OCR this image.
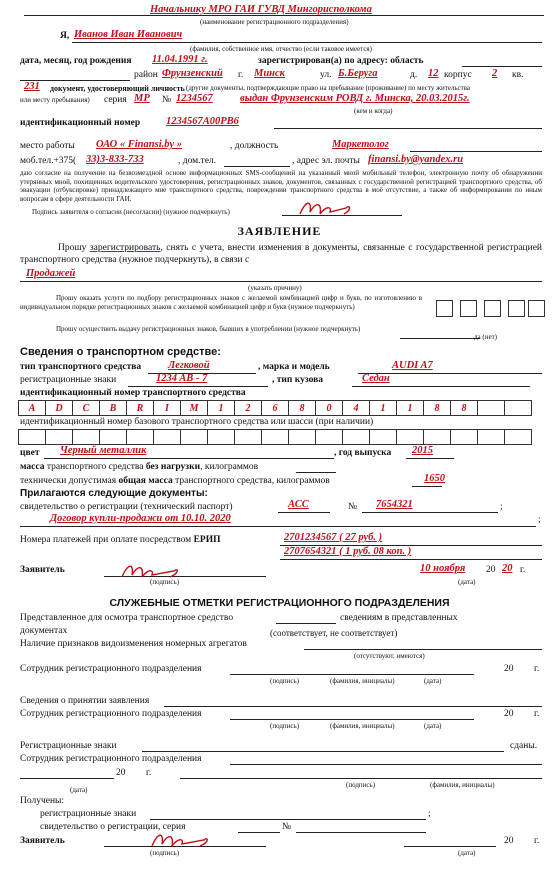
Начальнику МРО ГАИ ГУВД Мингорисполкома
(наименование регистрационного подразделения)
Я, Иванов Иван Иванович
(фамилия, собственное имя, отчество (если таковое имеется)
дата, месяц, год рождения 11.04.1991 г.	зарегистрирован(а) по адресу: область
район Фрунзенский г. Минск	ул. Б.Беруга	д. 12 корпус 2 кв.
231 документ, удостоверяющий личность (другие документы, подтверждающие право на пребывание (проживание) по месту жительства
или месту пребывания) серия МР № 1234567	выдан Фрунзенским РОВД г. Минска, 20.03.2015г.
(кем и когда)
идентификационный номер 1234567A00PB6
место работы ОАО « Finansi.by »	, должность	Маркетолог
моб.тел.+375( 33)3-833-733	, дом.тел.	, адрес эл. почты finansi.by@yandex.ru
даю согласие на получение на безвозмездной основе информационных SMS-сообщений на указанный мной мобильный телефон, электронную почту об обнаружении утерянных мной, похищенных водительского удостоверения, регистрационных знаков, документов, связанных с государственной регистрацией транспортного средства, об эвакуации (отбуксировке) принадлежащего мне транспортного средства, повреждении транспортного средства в моё отсутствие, а также об информировании по иным вопросам в сфере деятельности ГАИ.
Подпись заявителя о согласии (несогласии) (нужное подчеркнуть)
ЗАЯВЛЕНИЕ
Прошу зарегистрировать, снять с учета, внести изменения в документы, связанные с государственной регистрацией транспортного средства (нужное подчеркнуть), в связи с
Продажей
(указать причину)
Прошу оказать услуги по подбору регистрационных знаков с желаемой комбинацией цифр и букв, по изготовлению в индивидуальном порядке регистрационных знаков с желаемой комбинацией цифр и букв (нужное подчеркнуть)
Прошу осуществить выдачу регистрационных знаков, бывших в употреблении (нужное подчеркнуть)
да (нет)
Сведения о транспортном средстве:
тип транспортного средства	Легковой	, марка и модель	AUDI A7
регистрационные знаки	1234 AB - 7	, тип кузова	Седан
идентификационный номер транспортного средства
A	D	C	B	R	I	M	1	2	6	8	0	4	1	1	8	8		
идентификационный номер базового транспортного средства или шасси (при наличии)

цвет Черный металлик	, год выпуска 2015
масса транспортного средства без нагрузки, килограммов
технически допустимая общая масса транспортного средства, килограммов	1650
Прилагаются следующие документы:
свидетельство о регистрации (технический паспорт)	АСС	№ 7654321	;
Договор купли-продажи от 10.10. 2020	;
Номера платежей при оплате посредством ЕРИП	2701234567 ( 27 руб. )
2707654321 ( 1 руб. 08 коп. )
Заявитель
(подпись)
10 ноября 20 20 г.
(дата)
СЛУЖЕБНЫЕ ОТМЕТКИ РЕГИСТРАЦИОННОГО ПОДРАЗДЕЛЕНИЯ
Представленное для осмотра транспортное средство	сведениям в представленных
документах	(соответствует, не соответствует)
Наличие признаков видоизменения номерных агрегатов
(отсутствуют, имеются)
Сотрудник регистрационного подразделения	20 г.
(подпись)	(фамилия, инициалы)	(дата)
Сведения о принятии заявления
Сотрудник регистрационного подразделения	20 г.
(подпись)	(фамилия, инициалы)	(дата)
Регистрационные знаки	сданы.
Сотрудник регистрационного подразделения
20 г.
(подпись)	(фамилия, инициалы)
(дата)
Получены:
регистрационные знаки	;
свидетельство о регистрации, серия	№
Заявитель
(подпись)
20 г.
(дата)
